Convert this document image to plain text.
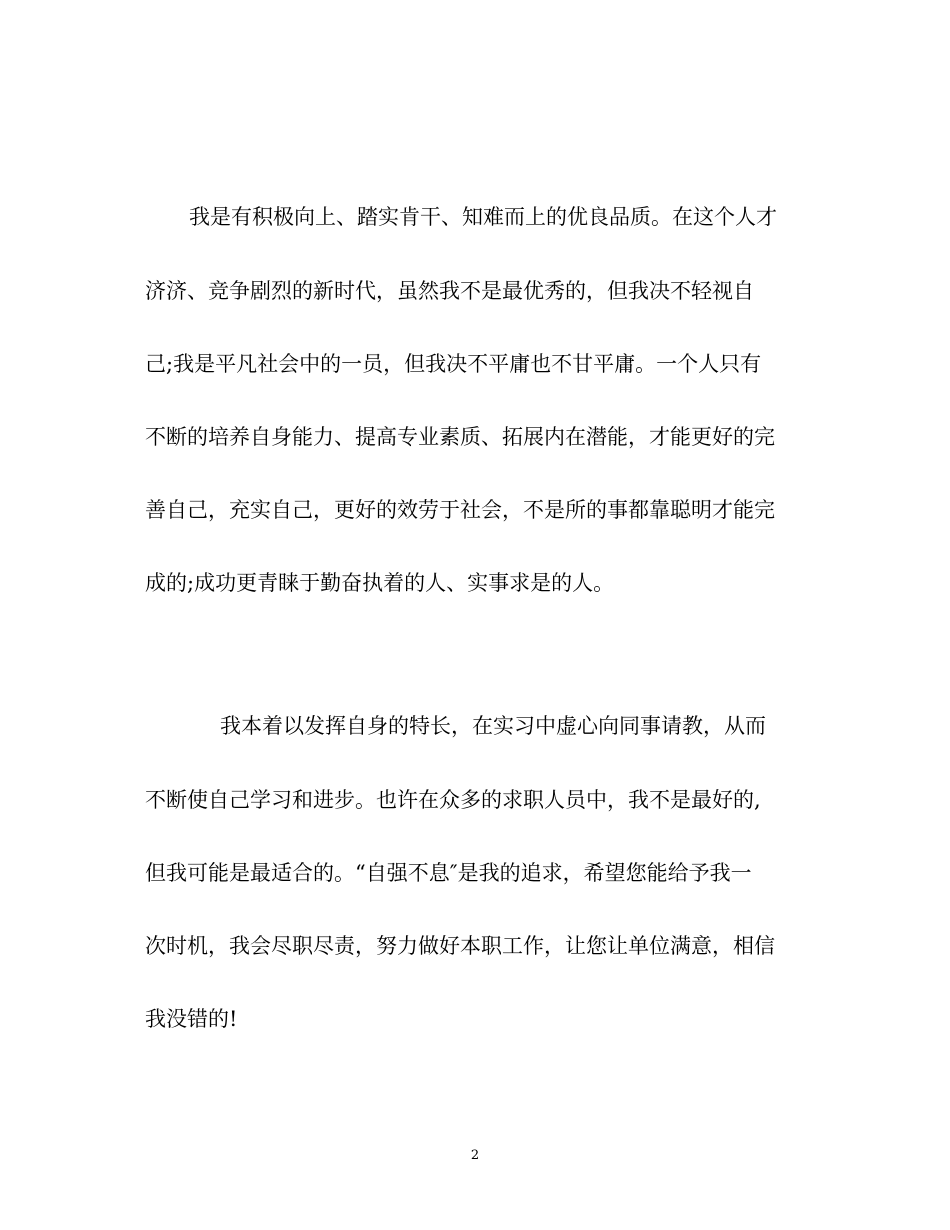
我是有积极向上、踏实肯干、知难而上的优良品质。在这个人才

济济、竞争剧烈的新时代，虽然我不是最优秀的，但我决不轻视自

己;我是平凡社会中的一员，但我决不平庸也不甘平庸。一个人只有

不断的培养自身能力、提高专业素质、拓展内在潜能，才能更好的完

善自己，充实自己，更好的效劳于社会，不是所的事都靠聪明才能完

成的;成功更青睐于勤奋执着的人、实事求是的人。

我本着以发挥自身的特长，在实习中虚心向同事请教，从而

不断使自己学习和进步。也许在众多的求职人员中，我不是最好的,

但我可能是最适合的。“自强不息″是我的追求，希望您能给予我一

次时机，我会尽职尽责，努力做好本职工作，让您让单位满意，相信

我没错的!

2
